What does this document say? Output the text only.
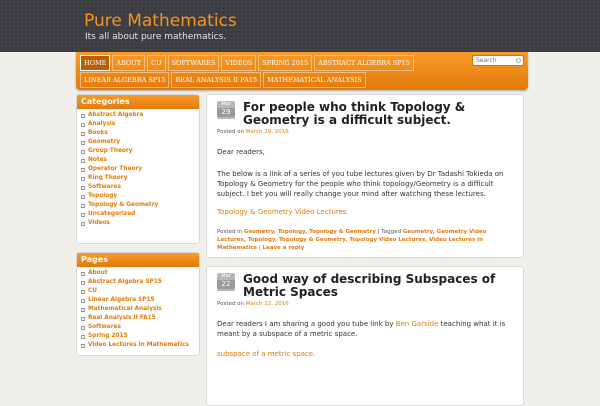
Pure Mathematics
Its all about pure mathematics.
HOME	ABOUT	CU	SOFTWARES	VIDEOS	SPRING 2015	ABSTRACT ALGEBRA SP15
LINEAR ALGEBRA SP15	REAL ANALYSIS II FA15	MATHEMATICAL ANALYSIS
Search
Categories
Abstract Algebra
Analysis
Books
Geometry
Group Theory
Notes
Operator Theory
Ring Theory
Softwares
Topology
Topology & Geometry
Uncategorized
Videos
Pages
About
Abstract Algebra SP15
CU
Linear Algebra SP15
Mathematical Analysis
Real Analysis II FA15
Softwares
Spring 2015
Video Lectures in Mathematics
Mar
29	For people who think Topology & Geometry is a difficult subject.
Posted on March 29, 2016
Dear readers,
The below is a link of a series of you tube lectures given by Dr Tadashi Tokieda on Topology & Geometry for the people who think topology/Geometry is a difficult subject. I bet you will really change your mind after watching these lectures.
Topology & Geometry Video Lectures
Posted in Geometry, Topology, Topology & Geometry | Tagged Geometry, Geometry Video Lectures, Topology, Topology & Geometry, Topology Video Lectures, Video Lectures in Mathematics | Leave a reply
Mar
22	Good way of describing Subspaces of Metric Spaces
Posted on March 22, 2016
Dear readers I am sharing a good you tube link by Ben Garside teaching what it is meant by a subspace of a metric space.
subspace of a metric space.
